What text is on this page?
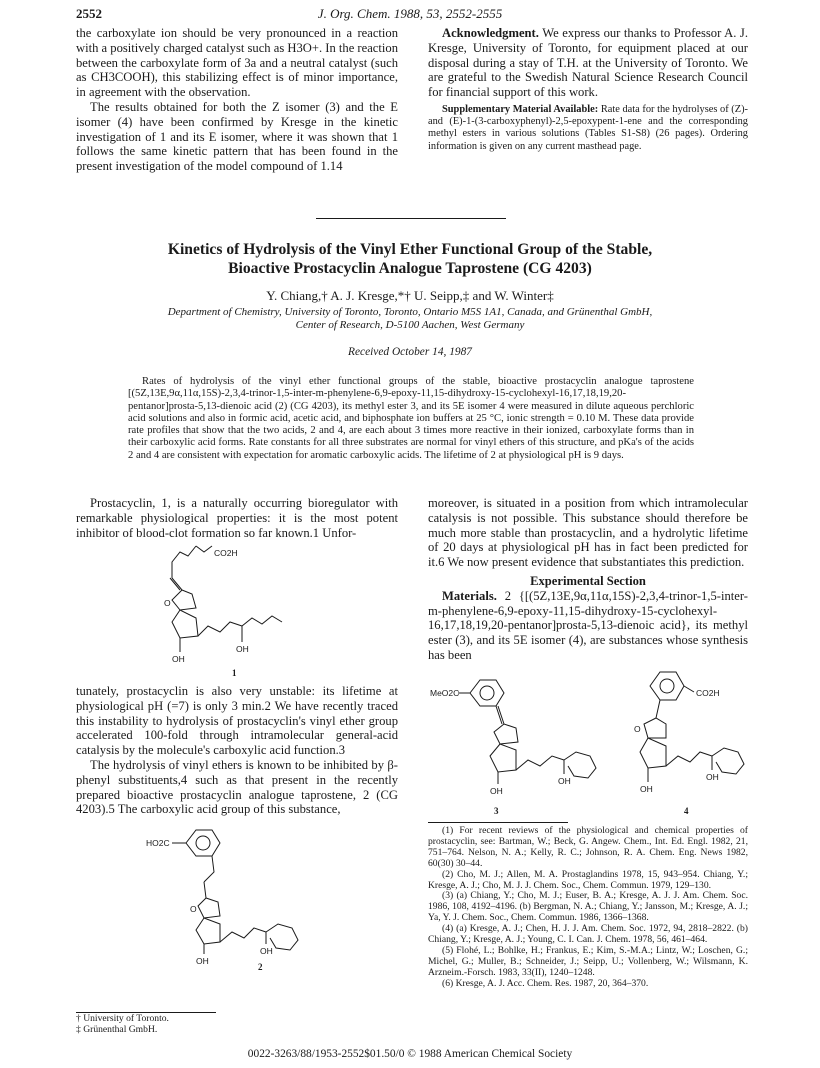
2552	J. Org. Chem. 1988, 53, 2552-2555

the carboxylate ion should be very pronounced in a reaction with a positively charged catalyst such as H3O+. In the reaction between the carboxylate form of 3a and a neutral catalyst (such as CH3COOH), this stabilizing effect is of minor importance, in agreement with the observation.

The results obtained for both the Z isomer (3) and the E isomer (4) have been confirmed by Kresge in the kinetic investigation of 1 and its E isomer, where it was shown that 1 follows the same kinetic pattern that has been found in the present investigation of the model compound of 1.14

Acknowledgment. We express our thanks to Professor A. J. Kresge, University of Toronto, for equipment placed at our disposal during a stay of T.H. at the University of Toronto. We are grateful to the Swedish Natural Science Research Council for financial support of this work.

Supplementary Material Available: Rate data for the hydrolyses of (Z)- and (E)-1-(3-carboxyphenyl)-2,5-epoxypent-1-ene and the corresponding methyl esters in various solutions (Tables S1-S8) (26 pages). Ordering information is given on any current masthead page.

Kinetics of Hydrolysis of the Vinyl Ether Functional Group of the Stable,
Bioactive Prostacyclin Analogue Taprostene (CG 4203)
Y. Chiang,† A. J. Kresge,*† U. Seipp,‡ and W. Winter‡
Department of Chemistry, University of Toronto, Toronto, Ontario M5S 1A1, Canada, and Grünenthal GmbH,
Center of Research, D-5100 Aachen, West Germany
Received October 14, 1987
Rates of hydrolysis of the vinyl ether functional groups of the stable, bioactive prostacyclin analogue taprostene [(5Z,13E,9α,11α,15S)-2,3,4-trinor-1,5-inter-m-phenylene-6,9-epoxy-11,15-dihydroxy-15-cyclohexyl-16,17,18,19,20-pentanor]prosta-5,13-dienoic acid (2) (CG 4203), its methyl ester 3, and its 5E isomer 4 were measured in dilute aqueous perchloric acid solutions and also in formic acid, acetic acid, and biphosphate ion buffers at 25 °C, ionic strength = 0.10 M. These data provide rate profiles that show that the two acids, 2 and 4, are each about 3 times more reactive in their ionized, carboxylate forms than in their carboxylic acid forms. Rate constants for all three substrates are normal for vinyl ethers of this structure, and pKa's of the acids 2 and 4 are consistent with expectation for aromatic carboxylic acids. The lifetime of 2 at physiological pH is 9 days.

Prostacyclin, 1, is a naturally occurring bioregulator with remarkable physiological properties: it is the most potent inhibitor of blood-clot formation so far known.1 Unfor-

CO2H
O
OH
OH
1

tunately, prostacyclin is also very unstable: its lifetime at physiological pH (=7) is only 3 min.2 We have recently traced this instability to hydrolysis of prostacyclin's vinyl ether group accelerated 100-fold through intramolecular general-acid catalysis by the molecule's carboxylic acid function.3

The hydrolysis of vinyl ethers is known to be inhibited by β-phenyl substituents,4 such as that present in the recently prepared bioactive prostacyclin analogue taprostene, 2 (CG 4203).5 The carboxylic acid group of this substance,

HO2C
O
OH
OH
2

† University of Toronto.

‡ Grünenthal GmbH.

moreover, is situated in a position from which intramolecular catalysis is not possible. This substance should therefore be much more stable than prostacyclin, and a hydrolytic lifetime of 20 days at physiological pH has in fact been predicted for it.6 We now present evidence that substantiates this prediction.

Experimental Section

Materials. 2 {[(5Z,13E,9α,11α,15S)-2,3,4-trinor-1,5-inter-m-phenylene-6,9-epoxy-11,15-dihydroxy-15-cyclohexyl-16,17,18,19,20-pentanor]prosta-5,13-dienoic acid}, its methyl ester (3), and its 5E isomer (4), are substances whose synthesis has been

MeO2C
OH
OH
3
CO2H
O
OH
OH
4

(1) For recent reviews of the physiological and chemical properties of prostacyclin, see: Bartman, W.; Beck, G. Angew. Chem., Int. Ed. Engl. 1982, 21, 751–764. Nelson, N. A.; Kelly, R. C.; Johnson, R. A. Chem. Eng. News 1982, 60(30) 30–44.

(2) Cho, M. J.; Allen, M. A. Prostaglandins 1978, 15, 943–954. Chiang, Y.; Kresge, A. J.; Cho, M. J. J. Chem. Soc., Chem. Commun. 1979, 129–130.

(3) (a) Chiang, Y.; Cho, M. J.; Euser, B. A.; Kresge, A. J. J. Am. Chem. Soc. 1986, 108, 4192–4196. (b) Bergman, N. A.; Chiang, Y.; Jansson, M.; Kresge, A. J.; Ya, Y. J. Chem. Soc., Chem. Commun. 1986, 1366–1368.

(4) (a) Kresge, A. J.; Chen, H. J. J. Am. Chem. Soc. 1972, 94, 2818–2822. (b) Chiang, Y.; Kresge, A. J.; Young, C. I. Can. J. Chem. 1978, 56, 461–464.

(5) Flohé, L.; Bohlke, H.; Frankus, E.; Kim, S.-M.A.; Lintz, W.; Loschen, G.; Michel, G.; Muller, B.; Schneider, J.; Seipp, U.; Vollenberg, W.; Wilsmann, K. Arzneim.-Forsch. 1983, 33(II), 1240–1248.

(6) Kresge, A. J. Acc. Chem. Res. 1987, 20, 364–370.

0022-3263/88/1953-2552$01.50/0 © 1988 American Chemical Society
